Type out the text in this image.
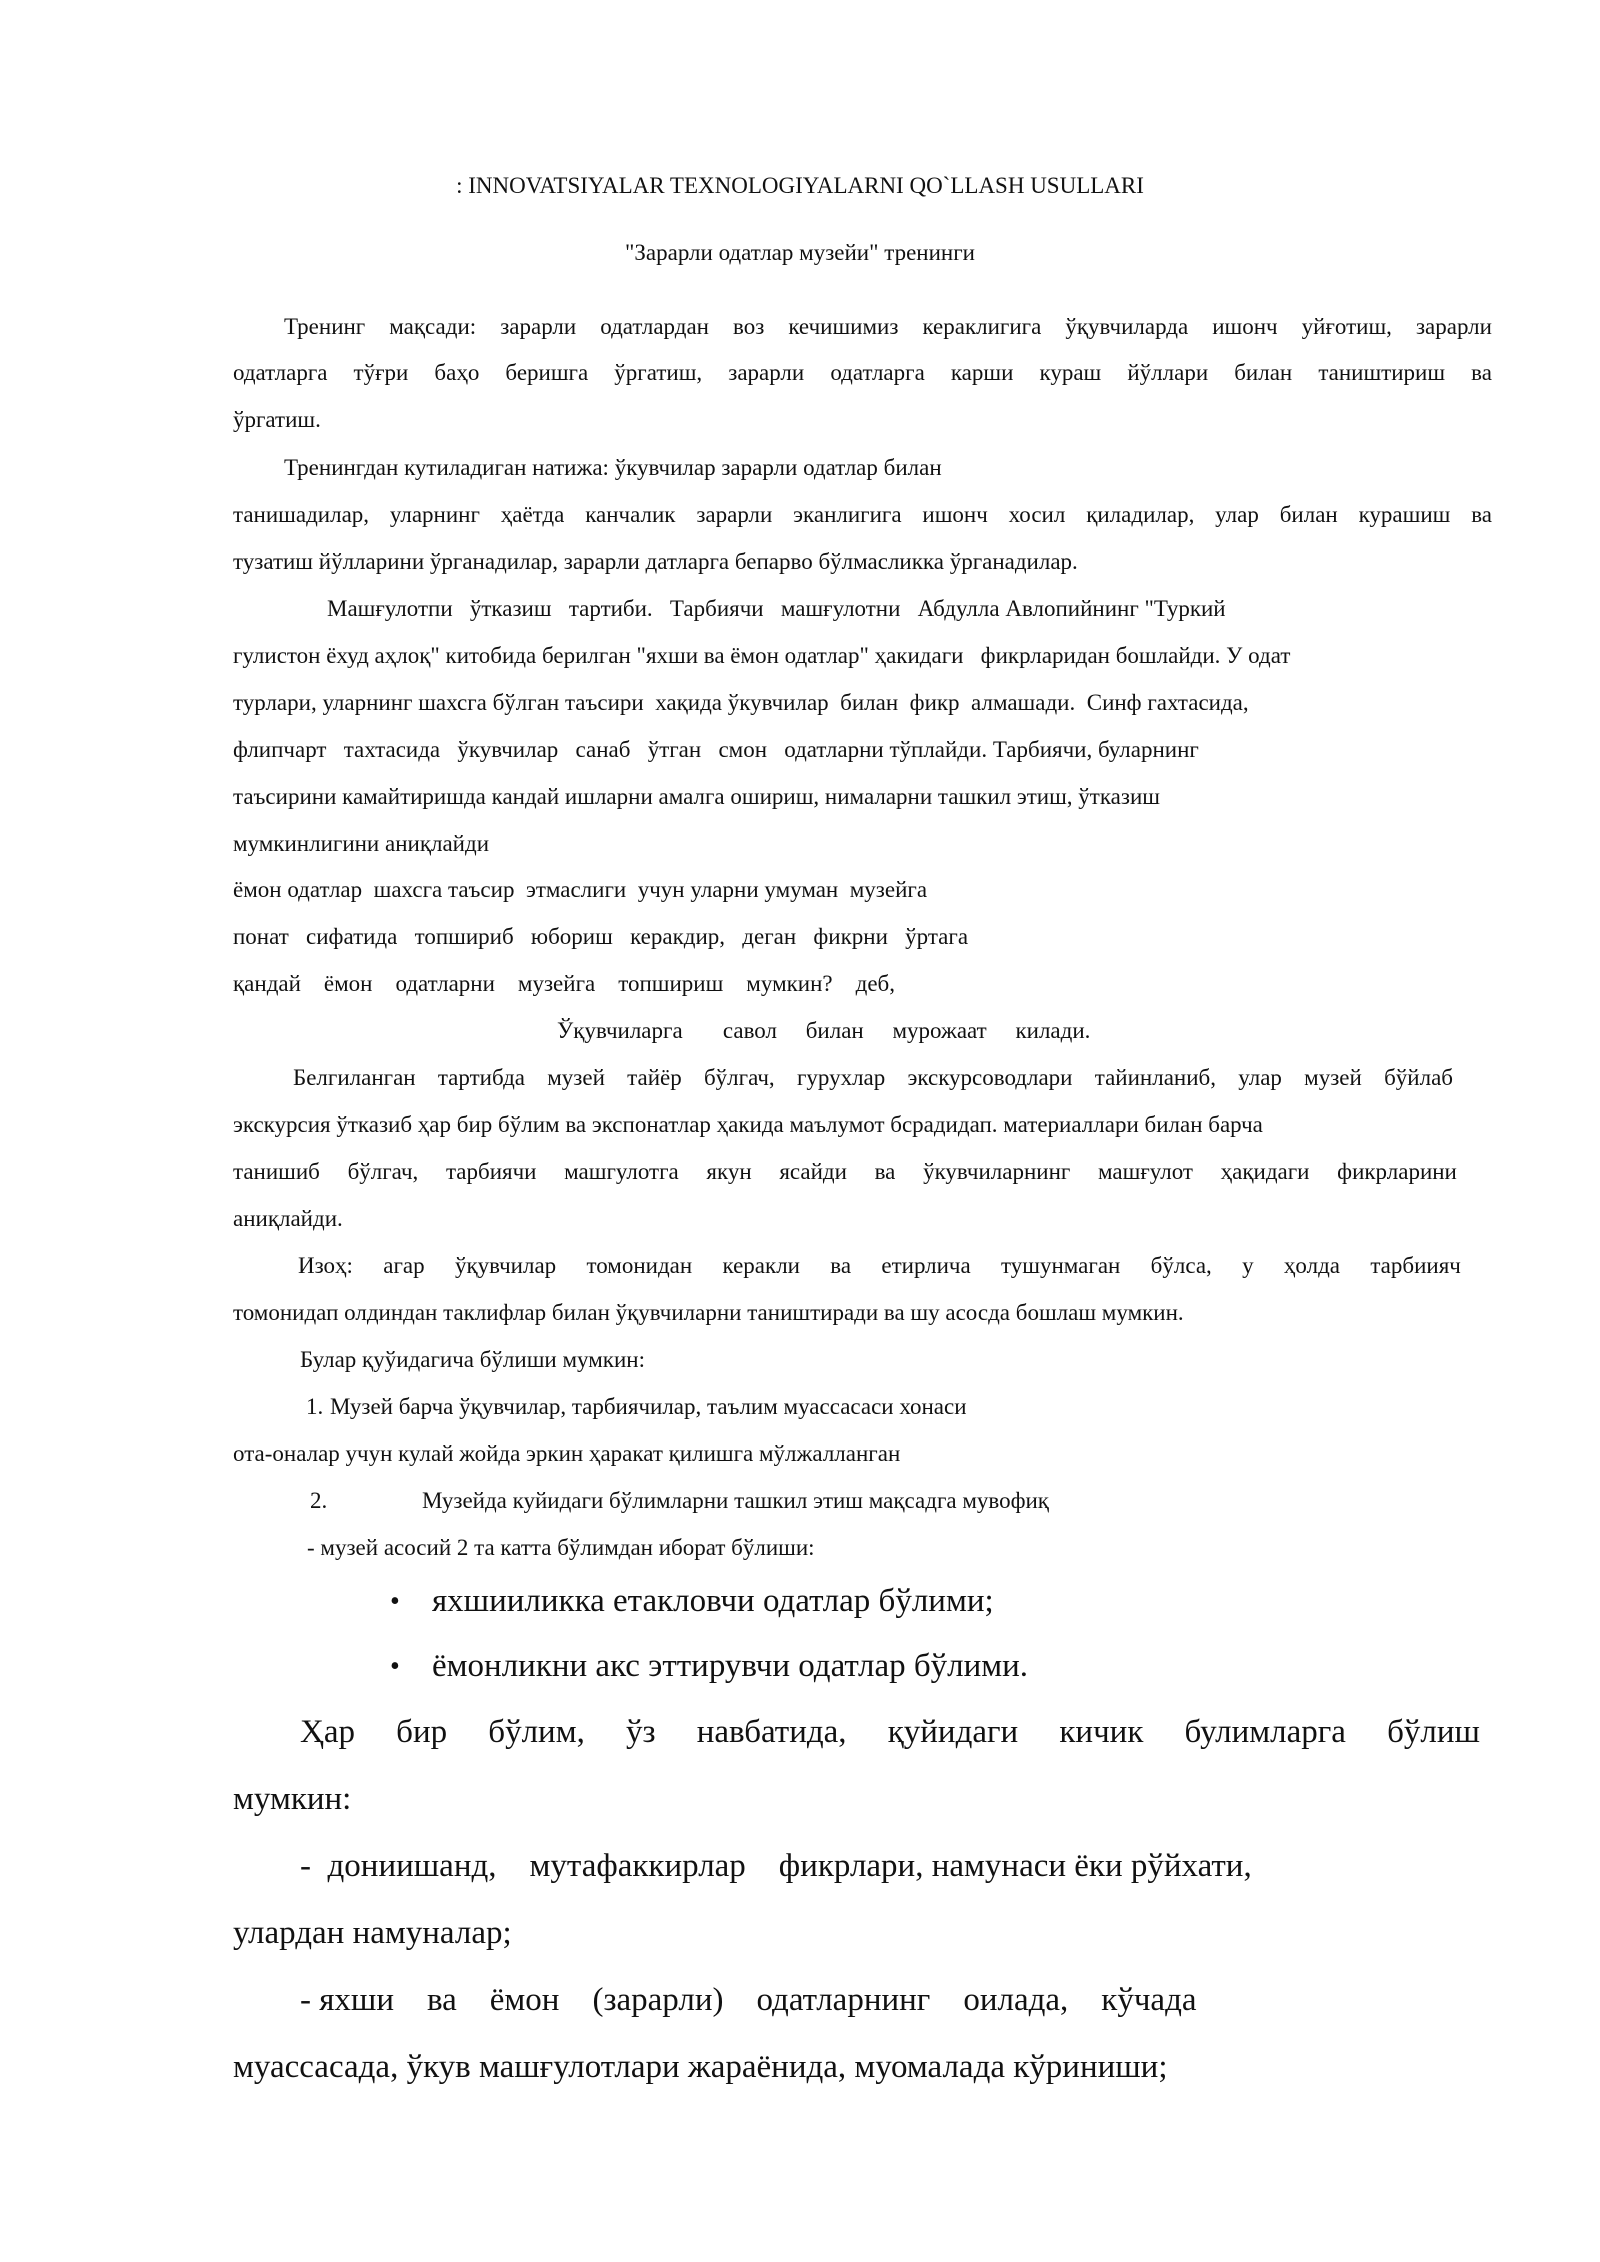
: INNOVATSIYALAR TEXNOLOGIYALARNI QO`LLASH USULLARI
"Зарарли одатлар музейи" тренинги
Тренинг мақсади: зарарли одатлардан воз кечишимиз кераклигига ўқувчиларда ишонч уйғотиш, зарарли
одатларга тўғри баҳо беришга ўргатиш, зарарли одатларга карши кураш йўллари билан таништириш ва
ўргатиш.
Тренингдан кутиладиган натижа: ўкувчилар зарарли одатлар билан
танишадилар, уларнинг ҳаётда канчалик зарарли эканлигига ишонч хосил қиладилар, улар билан курашиш ва
тузатиш йўлларини ўрганадилар, зарарли датларга бепарво бўлмасликка ўрганадилар.
Машғулотпи   ўтказиш   тартиби.   Тарбиячи   машғулотни   Абдулла Авлопийнинг "Туркий
гулистон ёхуд аҳлоқ" китобида берилган "яхши ва ёмон одатлар" ҳакидаги   фикрларидан бошлайди. У одат
турлари, уларнинг шахсга бўлган таъсири  хақида ўкувчилар  билан  фикр  алмашади.  Синф гахтасида,
флипчарт   тахтасида   ўкувчилар   санаб   ўтган   смон   одатларни тўплайди. Тарбиячи, буларнинг
таъсирини камайтиришда кандай ишларни амалга ошириш, нималарни ташкил этиш, ўтказиш
мумкинлигини аниқлайди
ёмон одатлар  шахсга таъсир  этмаслиги  учун уларни умуман  музейга
понат   сифатида   топшириб   юбориш   керакдир,   деган   фикрни   ўртага
қандай    ёмон    одатларни    музейга    топшириш    мумкин?    деб,
Ўқувчиларга       савол     билан     мурожаат     килади.
Белгиланган тартибда музей тайёр бўлгач, гурухлар экскурсоводлари тайинланиб, улар музей бўйлаб
экскурсия ўтказиб ҳар бир бўлим ва экспонатлар ҳакида маълумот бсрадидап. материаллари билан барча
танишиб бўлгач, тарбиячи машгулотга якун ясайди ва ўкувчиларнинг машғулот ҳақидаги фикрларини
аниқлайди.
Изоҳ: агар ўқувчилар томонидан керакли ва етирлича тушунмаган бўлса, у ҳолда тарбиияч
томонидап олдиндан таклифлар билан ўқувчиларни таништиради ва шу асосда бошлаш мумкин.
Булар қуўидагича бўлиши мумкин:
1. Музей барча ўқувчилар, тарбиячилар, таълим муассасаси хонаси
ота-оналар учун кулай жойда эркин ҳаракат қилишга мўлжалланган
2.	Музейда куйидаги бўлимларни ташкил этиш мақсадга мувофиқ
- музей асосий 2 та катта бўлимдан иборат бўлиши:
• яхшииликка етакловчи одатлар бўлими;
• ёмонликни акс эттирувчи одатлар бўлими.
Ҳар бир бўлим, ўз навбатида, қуйидаги кичик булимларга бўлиш
мумкин:
-  дониишанд,    мутафаккирлар    фикрлари, намунаси ёки рўйхати,
улардан намуналар;
- яхши    ва    ёмон    (зарарли)    одатларнинг    оилада,    кўчада
муассасада, ўкув машғулотлари жараёнида, муомалада кўриниши;
